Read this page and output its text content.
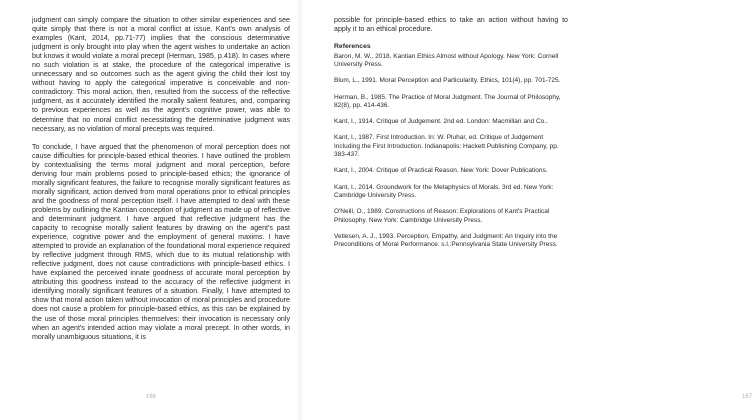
judgment can simply compare the situation to other similar experiences and see quite simply that there is not a moral conflict at issue. Kant's own analysis of examples (Kant, 2014, pp.71-77) implies that the conscious determinative judgment is only brought into play when the agent wishes to undertake an action but knows it would violate a moral precept (Herman, 1985, p.418). In cases where no such violation is at stake, the procedure of the categorical imperative is unnecessary and so outcomes such as the agent giving the child their lost toy without having to apply the categorical imperative is conceivable and non-contradictory. This moral action, then, resulted from the success of the reflective judgment, as it accurately identified the morally salient features, and, comparing to previous experiences as well as the agent's cognitive power, was able to determine that no moral conflict necessitating the determinative judgment was necessary, as no violation of moral precepts was required.

To conclude, I have argued that the phenomenon of moral perception does not cause difficulties for principle-based ethical theories. I have outlined the problem by contextualising the terms moral judgment and moral perception, before deriving four main problems posed to principle-based ethics; the ignorance of morally significant features, the failure to recognise morally significant features as morally significant, action derived from moral operations prior to ethical principles and the goodness of moral perception itself. I have attempted to deal with these problems by outlining the Kantian conception of judgment as made up of reflective and determinant judgment. I have argued that reflective judgment has the capacity to recognise morally salient features by drawing on the agent's past experience, cognitive power and the employment of general maxims. I have attempted to provide an explanation of the foundational moral experience required by reflective judgment through RMS, which due to its mutual relationship with reflective judgment, does not cause contradictions with principle-based ethics. I have explained the perceived innate goodness of accurate moral perception by attributing this goodness instead to the accuracy of the reflective judgment in identifying morally significant features of a situation. Finally, I have attempted to show that moral action taken without invocation of moral principles and procedure does not cause a problem for principle-based ethics, as this can be explained by the use of those moral principles themselves: their invocation is necessary only when an agent's intended action may violate a moral precept. In other words, in morally unambiguous situations, it is

166

possible for principle-based ethics to take an action without having to apply it to an ethical procedure.

References

Baron, M. W., 2018. Kantian Ethics Almost without Apology. New York: Cornell University Press.

Blum, L., 1991. Moral Perception and Particularity. Ethics, 101(4), pp. 701-725.

Herman, B., 1985. The Practice of Moral Judgment. The Journal of Philosophy, 82(8), pp. 414-436.

Kant, I., 1914. Critique of Judgement. 2nd ed. London: Macmillan and Co..

Kant, I., 1987. First Introduction. In: W. Pluhar, ed. Critique of Judgement Including the First Introduction. Indianapolis: Hackett Publishing Company, pp. 383-437.

Kant, I., 2004. Critique of Practical Reason. New York: Dover Publications.

Kant, I., 2014. Groundwork for the Metaphysics of Morals. 3rd ed. New York: Cambridge University Press.

O'Neill, O., 1989. Constructions of Reason: Explorations of Kant's Practical Philosophy. New York: Cambridge University Press.

Vetlesen, A. J., 1993. Perception, Empathy, and Judgment: An Inquiry into the Preconditions of Moral Performance. s.l.:Pennsylvania State University Press.

167
